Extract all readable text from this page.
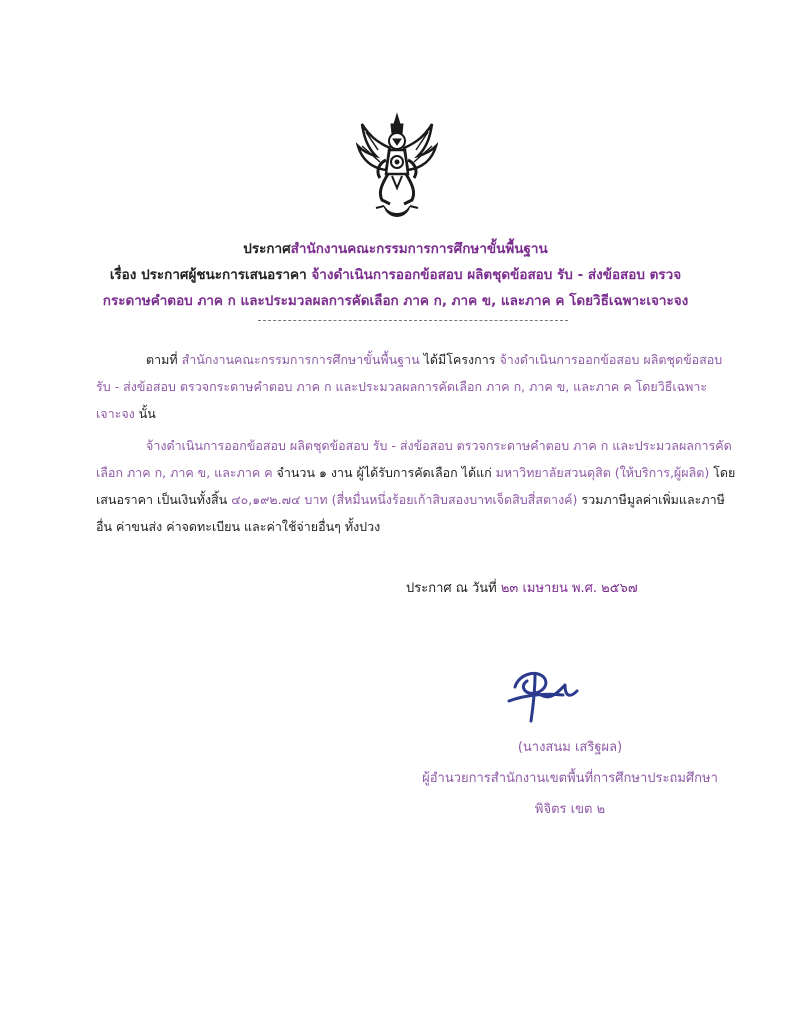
ประกาศสำนักงานคณะกรรมการการศึกษาขั้นพื้นฐาน
เรื่อง ประกาศผู้ชนะการเสนอราคา จ้างดำเนินการออกข้อสอบ ผลิตชุดข้อสอบ รับ - ส่งข้อสอบ ตรวจ
กระดาษคำตอบ ภาค ก และประมวลผลการคัดเลือก ภาค ก, ภาค ข, และภาค ค โดยวิธีเฉพาะเจาะจง
ตามที่ สำนักงานคณะกรรมการการศึกษาขั้นพื้นฐาน ได้มีโครงการ จ้างดำเนินการออกข้อสอบ ผลิตชุดข้อสอบ รับ - ส่งข้อสอบ ตรวจกระดาษคำตอบ ภาค ก และประมวลผลการคัดเลือก ภาค ก, ภาค ข, และภาค ค โดยวิธีเฉพาะเจาะจง นั้น
จ้างดำเนินการออกข้อสอบ ผลิตชุดข้อสอบ รับ - ส่งข้อสอบ ตรวจกระดาษคำตอบ ภาค ก และประมวลผลการคัดเลือก ภาค ก, ภาค ข, และภาค ค จำนวน ๑ งาน ผู้ได้รับการคัดเลือก ได้แก่ มหาวิทยาลัยสวนดุสิต (ให้บริการ,ผู้ผลิต) โดยเสนอราคา เป็นเงินทั้งสิ้น ๔๐,๑๙๒.๗๔ บาท (สี่หมื่นหนึ่งร้อยเก้าสิบสองบาทเจ็ดสิบสี่สตางค์) รวมภาษีมูลค่าเพิ่มและภาษีอื่น ค่าขนส่ง ค่าจดทะเบียน และค่าใช้จ่ายอื่นๆ ทั้งปวง
ประกาศ ณ วันที่ ๒๓ เมษายน พ.ศ. ๒๕๖๗
(นางสนม เสริฐผล)
ผู้อำนวยการสำนักงานเขตพื้นที่การศึกษาประถมศึกษา
พิจิตร เขต ๒
